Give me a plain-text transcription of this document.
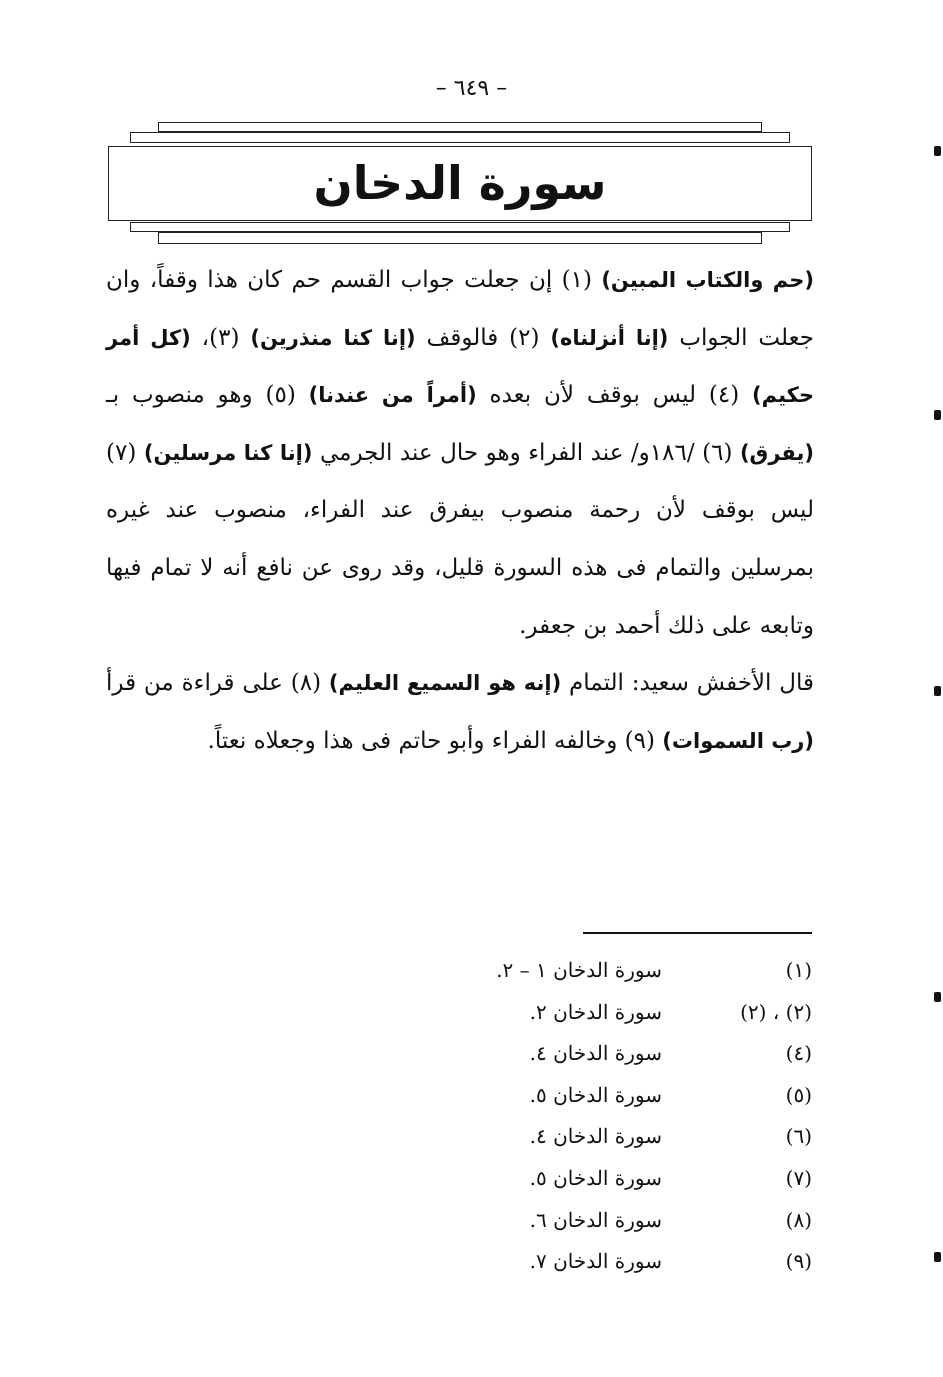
– ٦٤٩ –
سورة الدخان

(حم والكتاب المبين) (١) إن جعلت جواب القسم حم كان هذا وقفاً، وان جعلت الجواب (إنا أنزلناه) (٢) فالوقف (إنا كنا منذرين) (٣)، (كل أمر حكيم) (٤) ليس بوقف لأن بعده (أمراً من عندنا) (٥) وهو منصوب بـ (يفرق) (٦) /١٨٦و/ عند الفراء وهو حال عند الجرمي (إنا كنا مرسلين) (٧) ليس بوقف لأن رحمة منصوب بيفرق عند الفراء، منصوب عند غيره بمرسلين والتمام فى هذه السورة قليل، وقد روى عن نافع أنه لا تمام فيها وتابعه على ذلك أحمد بن جعفر.

قال الأخفش سعيد: التمام (إنه هو السميع العليم) (٨) على قراءة من قرأ (رب السموات) (٩) وخالفه الفراء وأبو حاتم فى هذا وجعلاه نعتاً.

(١)
سورة الدخان ١ – ٢.
(٢) ، (٢)
سورة الدخان ٢.
(٤)
سورة الدخان ٤.
(٥)
سورة الدخان ٥.
(٦)
سورة الدخان ٤.
(٧)
سورة الدخان ٥.
(٨)
سورة الدخان ٦.
(٩)
سورة الدخان ٧.
